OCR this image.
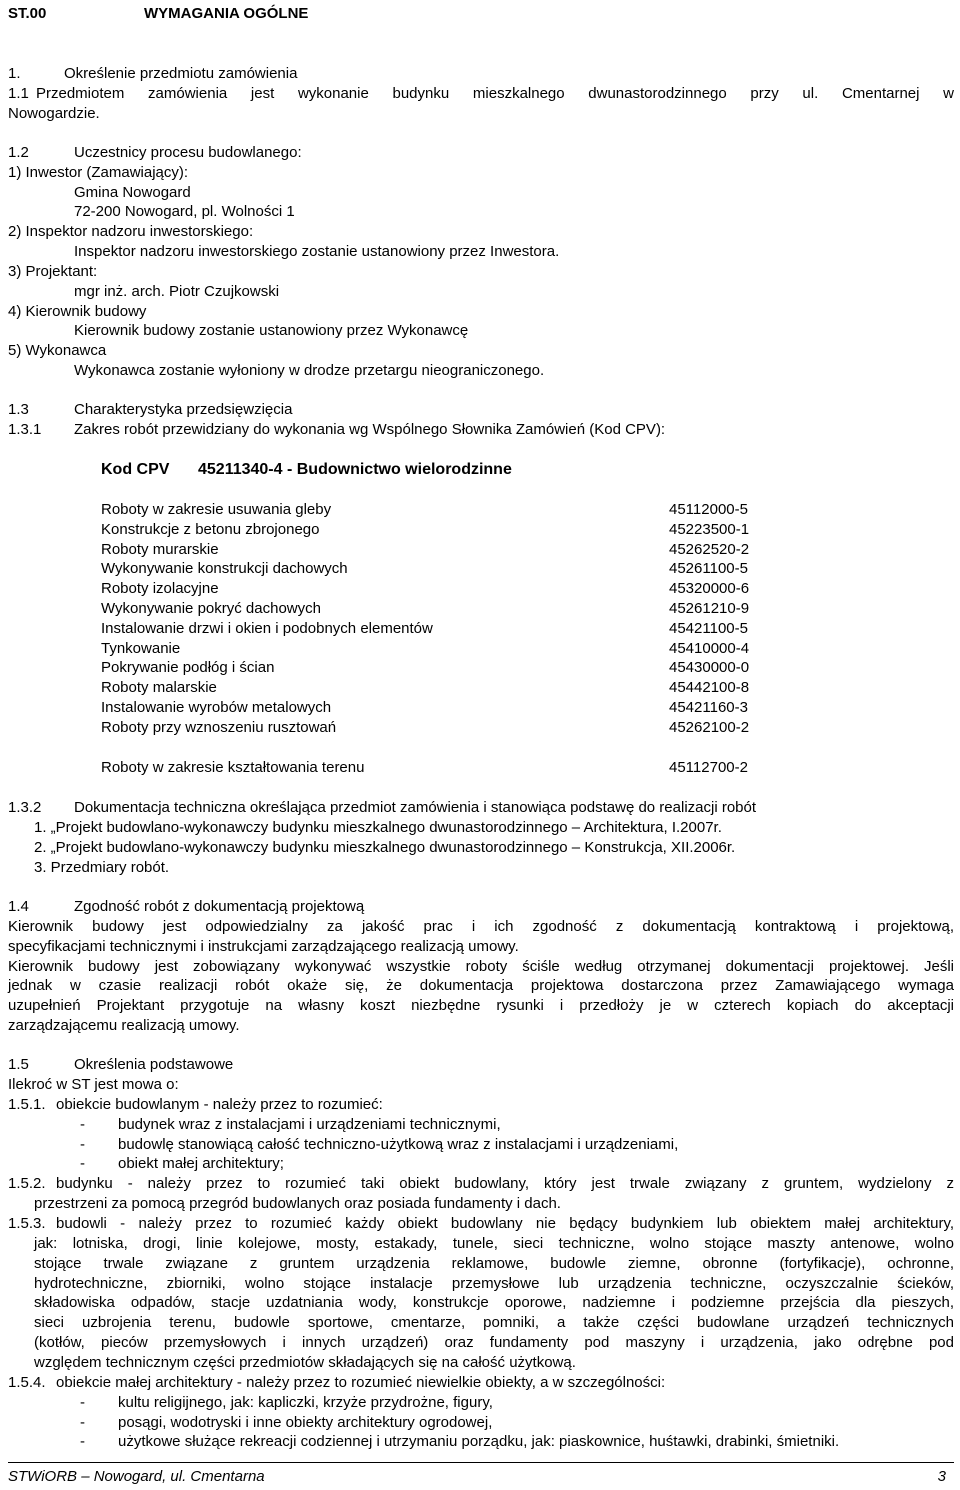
ST.00	WYMAGANIA OGÓLNE
1.	Określenie przedmiotu zamówienia
1.1 Przedmiotem zamówienia jest wykonanie budynku mieszkalnego dwunastorodzinnego przy ul. Cmentarnej w
Nowogardzie.
1.2	Uczestnicy procesu budowlanego:
1) Inwestor (Zamawiający):
Gmina Nowogard
72-200 Nowogard, pl. Wolności 1
2) Inspektor nadzoru inwestorskiego:
Inspektor nadzoru inwestorskiego zostanie ustanowiony przez Inwestora.
3) Projektant:
mgr inż. arch. Piotr Czujkowski
4) Kierownik budowy
Kierownik budowy zostanie ustanowiony przez Wykonawcę
5) Wykonawca
Wykonawca zostanie wyłoniony w drodze przetargu nieograniczonego.
1.3	Charakterystyka przedsięwzięcia
1.3.1 Zakres robót przewidziany do wykonania wg Wspólnego Słownika Zamówień (Kod CPV):
Kod CPV 45211340-4 - Budownictwo wielorodzinne
Roboty w zakresie usuwania gleby	45112000-5
Konstrukcje z betonu zbrojonego	45223500-1
Roboty murarskie	45262520-2
Wykonywanie konstrukcji dachowych	45261100-5
Roboty izolacyjne	45320000-6
Wykonywanie pokryć dachowych	45261210-9
Instalowanie drzwi i okien i podobnych elementów	45421100-5
Tynkowanie	45410000-4
Pokrywanie podłóg i ścian	45430000-0
Roboty malarskie	45442100-8
Instalowanie wyrobów metalowych	45421160-3
Roboty przy wznoszeniu rusztowań	45262100-2
Roboty w zakresie kształtowania terenu	45112700-2
1.3.2 Dokumentacja techniczna określająca przedmiot zamówienia i stanowiąca podstawę do realizacji robót
1. „Projekt budowlano-wykonawczy budynku mieszkalnego dwunastorodzinnego – Architektura, I.2007r.
2. „Projekt budowlano-wykonawczy budynku mieszkalnego dwunastorodzinnego – Konstrukcja, XII.2006r.
3. Przedmiary robót.
1.4	Zgodność robót z dokumentacją projektową
Kierownik budowy jest odpowiedzialny za jakość prac i ich zgodność z dokumentacją kontraktową i projektową,
specyfikacjami technicznymi i instrukcjami zarządzającego realizacją umowy.
Kierownik budowy jest zobowiązany wykonywać wszystkie roboty ściśle według otrzymanej dokumentacji projektowej. Jeśli
jednak w czasie realizacji robót okaże się, że dokumentacja projektowa dostarczona przez Zamawiającego wymaga
uzupełnień Projektant przygotuje na własny koszt niezbędne rysunki i przedłoży je w czterech kopiach do akceptacji
zarządzającemu realizacją umowy.
1.5	Określenia podstawowe
Ilekroć w ST jest mowa o:
1.5.1. obiekcie budowlanym - należy przez to rozumieć:
- budynek wraz z instalacjami i urządzeniami technicznymi,
- budowlę stanowiącą całość techniczno-użytkową wraz z instalacjami i urządzeniami,
- obiekt małej architektury;
1.5.2. budynku - należy przez to rozumieć taki obiekt budowlany, który jest trwale związany z gruntem, wydzielony z
przestrzeni za pomocą przegród budowlanych oraz posiada fundamenty i dach.
1.5.3. budowli - należy przez to rozumieć każdy obiekt budowlany nie będący budynkiem lub obiektem małej architektury,
jak: lotniska, drogi, linie kolejowe, mosty, estakady, tunele, sieci techniczne, wolno stojące maszty antenowe, wolno
stojące trwale związane z gruntem urządzenia reklamowe, budowle ziemne, obronne (fortyfikacje), ochronne,
hydrotechniczne, zbiorniki, wolno stojące instalacje przemysłowe lub urządzenia techniczne, oczyszczalnie ścieków,
składowiska odpadów, stacje uzdatniania wody, konstrukcje oporowe, nadziemne i podziemne przejścia dla pieszych,
sieci uzbrojenia terenu, budowle sportowe, cmentarze, pomniki, a także części budowlane urządzeń technicznych
(kotłów, pieców przemysłowych i innych urządzeń) oraz fundamenty pod maszyny i urządzenia, jako odrębne pod
względem technicznym części przedmiotów składających się na całość użytkową.
1.5.4. obiekcie małej architektury - należy przez to rozumieć niewielkie obiekty, a w szczególności:
- kultu religijnego, jak: kapliczki, krzyże przydrożne, figury,
- posągi, wodotryski i inne obiekty architektury ogrodowej,
- użytkowe służące rekreacji codziennej i utrzymaniu porządku, jak: piaskownice, huśtawki, drabinki, śmietniki.
STWiORB – Nowogard, ul. Cmentarna	3
